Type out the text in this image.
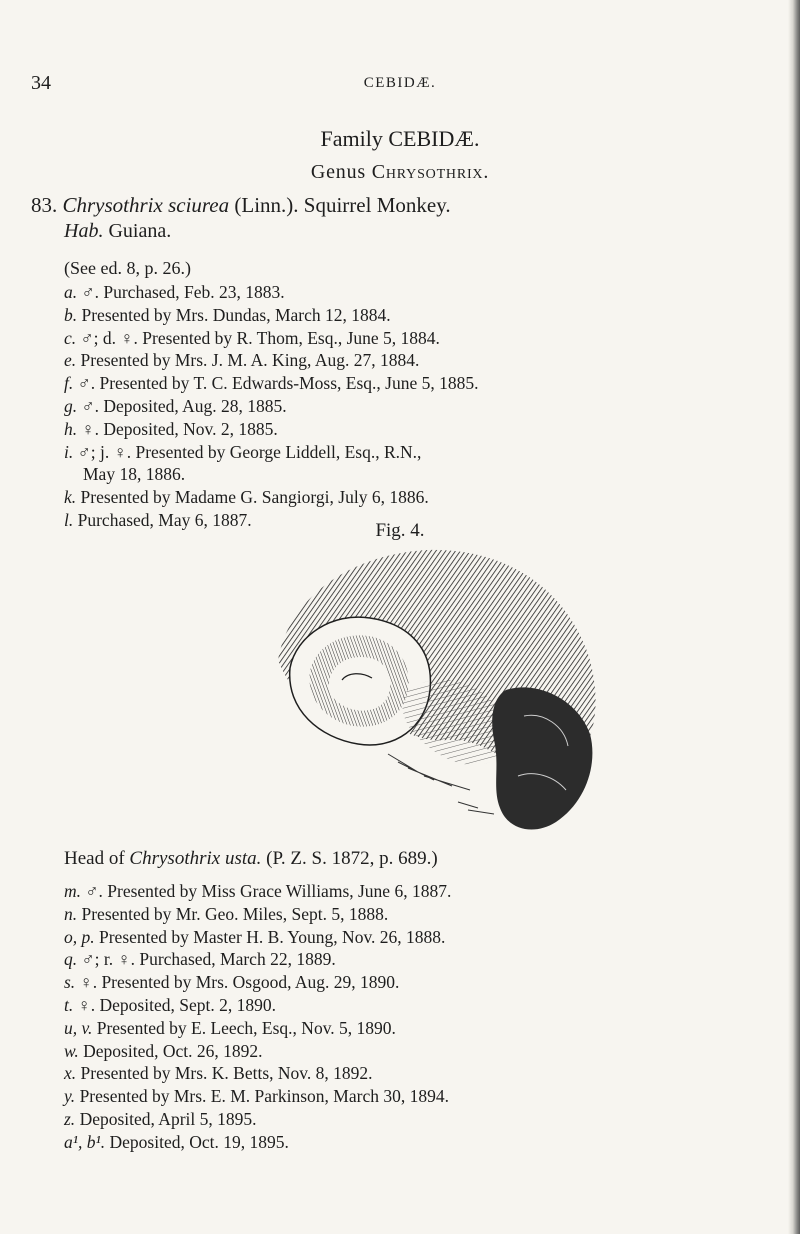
34	CEBIDÆ.
Family CEBIDÆ.
Genus Chrysothrix.
83. Chrysothrix sciurea (Linn.). Squirrel Monkey.
Hab. Guiana.
(See ed. 8, p. 26.)
a. ♂. Purchased, Feb. 23, 1883.
b. Presented by Mrs. Dundas, March 12, 1884.
c. ♂; d. ♀. Presented by R. Thom, Esq., June 5, 1884.
e. Presented by Mrs. J. M. A. King, Aug. 27, 1884.
f. ♂. Presented by T. C. Edwards-Moss, Esq., June 5, 1885.
g. ♂. Deposited, Aug. 28, 1885.
h. ♀. Deposited, Nov. 2, 1885.
i. ♂; j. ♀. Presented by George Liddell, Esq., R.N.,
May 18, 1886.
k. Presented by Madame G. Sangiorgi, July 6, 1886.
l. Purchased, May 6, 1887.
Fig. 4.
Head of Chrysothrix usta. (P. Z. S. 1872, p. 689.)
m. ♂. Presented by Miss Grace Williams, June 6, 1887.
n. Presented by Mr. Geo. Miles, Sept. 5, 1888.
o, p. Presented by Master H. B. Young, Nov. 26, 1888.
q. ♂; r. ♀. Purchased, March 22, 1889.
s. ♀. Presented by Mrs. Osgood, Aug. 29, 1890.
t. ♀. Deposited, Sept. 2, 1890.
u, v. Presented by E. Leech, Esq., Nov. 5, 1890.
w. Deposited, Oct. 26, 1892.
x. Presented by Mrs. K. Betts, Nov. 8, 1892.
y. Presented by Mrs. E. M. Parkinson, March 30, 1894.
z. Deposited, April 5, 1895.
a¹, b¹. Deposited, Oct. 19, 1895.
